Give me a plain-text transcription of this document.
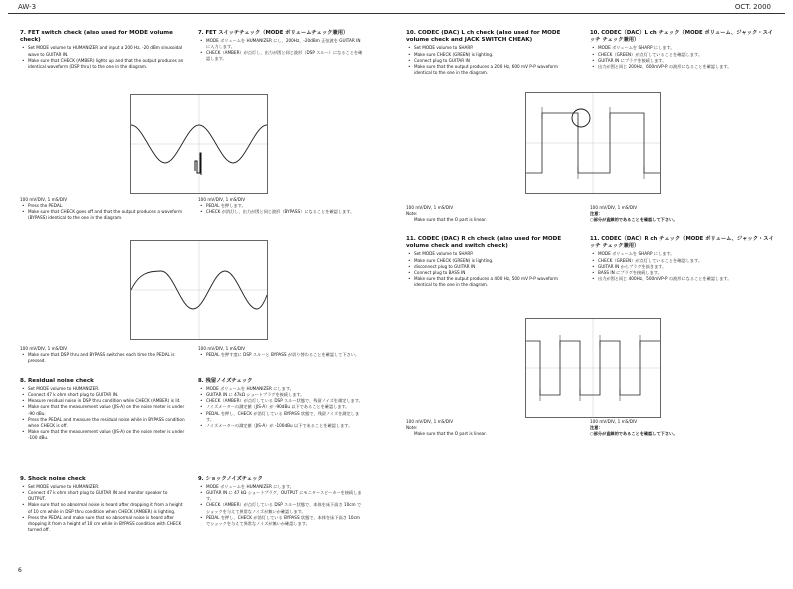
AW-3	OCT. 2000
7. FET switch check (also used for MODE volume check)
• Set MODE volume to HUMANIZER and input a 200 Hz, -20 dBm sinusoidal wave to GUITAR IN.
• Make sure that CHECK (AMBER) lights up and that the output produces an identical waveform (DSP thru) to the one in the diagram.
7. FET スイッチチェック（MODE ボリュームチェック兼用）
• MODE ボリュームを HUMANIZER にし、200Hz、-20dBm 正弦波を GUITAR IN に入力します。
• CHECK（AMBER）が点灯し、出力が図と同じ波形（DSP スルー）になることを確認します。
100 mV/DIV, 1 mS/DIV
• Press the PEDAL.
• Make sure that CHECK goes off and that the output produces a waveform (BYPASS) identical to the one in the diagram.
100 mV/DIV, 1 mS/DIV
• PEDAL を押します。
• CHECK が消灯し、出力が図と同じ波形（BYPASS）になることを確認します。
100 mV/DIV, 1 mS/DIV
• Make sure that DSP thru and BYPASS switches each time the PEDAL is pressed.
100 mV/DIV, 1 mS/DIV
• PEDAL を押す度に DSP スルーと BYPASS が切り替わることを確認して下さい。
8. Residual noise check
• Set MODE volume to HUMANIZER.
• Connect 47 k ohm short plug to GUITAR IN.
• Measure residual noise in DSP thru condition while CHECK (AMBER) is lit.
• Make sure that the measurement value (JIS-A) on the noise meter is under -90 dBu.
• Press the PEDAL and measure the residual noise while in BYPASS condition when CHECK is off.
• Make sure that the measurement value (JIS-A) on the noise meter is under -100 dBu.
8. 残留ノイズチェック
• MODE ボリュームを HUMANIZER にします。
• GUITAR IN に 47kΩ ショートプラグを接続します。
• CHECK（AMBER）が点灯している DSP スルー状態で、残留ノイズを測定します。
• ノイズメーターの測定値（JIS-A）が -90dBu 以下であることを確認します。
• PEDAL を押し、CHECK が消灯している BYPASS 状態で、残留ノイズを測定します。
• ノイズメーターの測定値（JIS-A）が -100dBu 以下であることを確認します。
9. Shock noise check
• Set MODE volume to HUMANIZER.
• Connect 47 k ohm short plug to GUITAR IN and monitor speaker to OUTPUT.
• Make sure that no abnormal noise is heard after dropping it from a height of 10 cm while in DSP thru condition when CHECK (AMBER) is lighting.
• Press the PEDAL and make sure that no abnormal noise is heard after dropping it from a height of 10 cm while in BYPASS condition with CHECK turned off.
9. ショックノイズチェック
• MODE ボリュームを HUMANIZER にします。
• GUITAR IN に 47 kΩ ショートプラグ、OUTPUT にモニタースピーカーを接続します。
• CHECK（AMBER）が点灯している DSP スルー状態で、本体を床下高さ 10cm でショックを与えて異常なノイズが無いか確認します。
• PEDAL を押し、CHECK が消灯している BYPASS 状態で、本体を床下高さ 10cm でショックを与えて異常なノイズが無いか確認します。
10. CODEC (DAC) L ch check (also used for MODE volume check and JACK SWITCH CHEAK)
• Set MODE volume to SHARP.
• Make sure CHECK (GREEN) is lighting.
• Connect plug to GUITAR IN
• Make sure that the output produces a 200 Hz, 600 mV P-P waveform identical to the one in the diagram.
10. CODEC（DAC）L ch チェック（MODE ボリューム、ジャック・スイッチ チェック兼用）
• MODE ボリュームを SHARP にします。
• CHECK（GREEN）が点灯していることを確認します。
• GUITAR IN にプラグを接続します。
• 出力が図と同じ 200Hz、600mVP-P の波形になることを確認します。
100 mV/DIV, 1 mS/DIV
Note:
Make sure that the O part is linear.
100 mV/DIV, 1 mS/DIV
注意：
○部分が直線的であることを確認して下さい。
11. CODEC (DAC) R ch check (also used for MODE volume check and switch check)
• Set MODE volume to SHARP.
• Make sure CHECK (GREEN) is lighting.
• disconnect plug to GUITAR IN
• Connect plug to BASS IN
• Make sure that the output produces a 400 Hz, 500 mV P-P waveform identical to the one in the diagram.
11. CODEC（DAC）R ch チェック（MODE ボリューム、ジャック・スイッチ チェック兼用）
• MODE ボリュームを SHARP にします。
• CHECK（GREEN）が点灯していることを確認します。
• GUITAR IN からプラグを抜きます。
• BASS IN にプラグを接続します。
• 出力が図と同じ 400Hz、500mVP-P の波形になることを確認します。
100 mV/DIV, 1 mS/DIV
Note:
Make sure that the O part is linear.
100 mV/DIV, 1 mS/DIV
注意：
○部分が直線的であることを確認して下さい。
6
